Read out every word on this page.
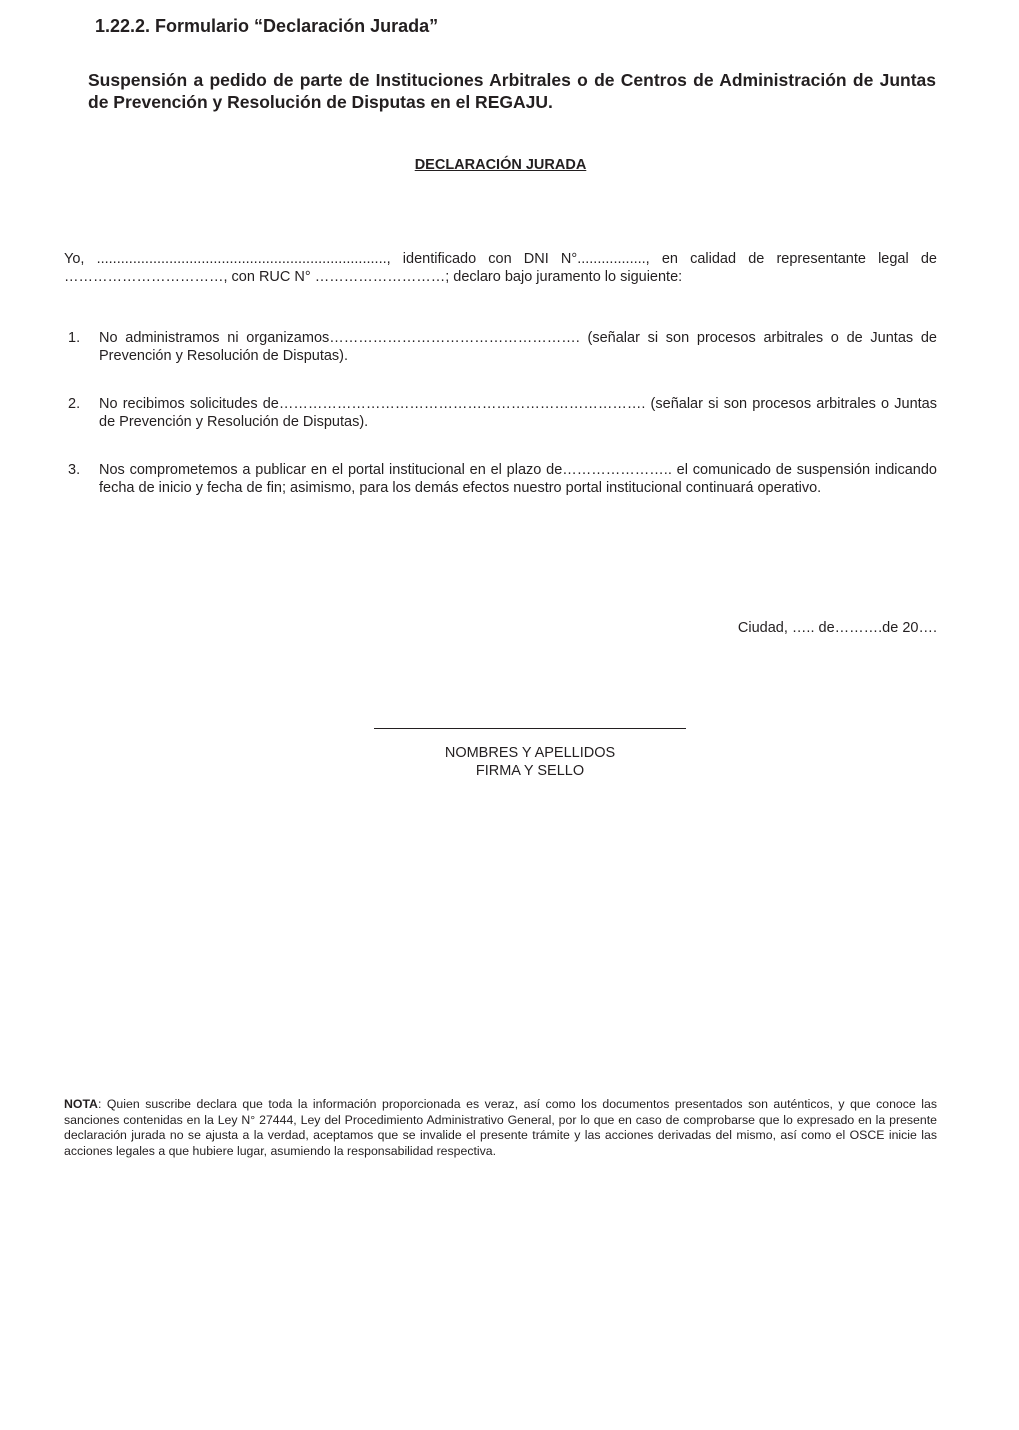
1.22.2. Formulario “Declaración Jurada”
Suspensión a pedido de parte de Instituciones Arbitrales o de Centros de Administración de Juntas de Prevención y Resolución de Disputas en el REGAJU.
DECLARACIÓN JURADA
Yo, ........................................................................, identificado con DNI N°................., en calidad de representante legal de ……………………………, con RUC N° ………………………; declaro bajo juramento lo siguiente:
1. No administramos ni organizamos……………………………………………. (señalar si son procesos arbitrales o de Juntas de Prevención y Resolución de Disputas).
2. No recibimos solicitudes de…………………………………………………………………. (señalar si son procesos arbitrales o Juntas de Prevención y Resolución de Disputas).
3. Nos comprometemos a publicar en el portal institucional en el plazo de………………….. el comunicado de suspensión indicando fecha de inicio y fecha de fin; asimismo, para los demás efectos nuestro portal institucional continuará operativo.
Ciudad, ….. de……….de 20….
NOMBRES Y APELLIDOS
FIRMA Y SELLO
NOTA: Quien suscribe declara que toda la información proporcionada es veraz, así como los documentos presentados son auténticos, y que conoce las sanciones contenidas en la Ley N° 27444, Ley del Procedimiento Administrativo General, por lo que en caso de comprobarse que lo expresado en la presente declaración jurada no se ajusta a la verdad, aceptamos que se invalide el presente trámite y las acciones derivadas del mismo, así como el OSCE inicie las acciones legales a que hubiere lugar, asumiendo la responsabilidad respectiva.
